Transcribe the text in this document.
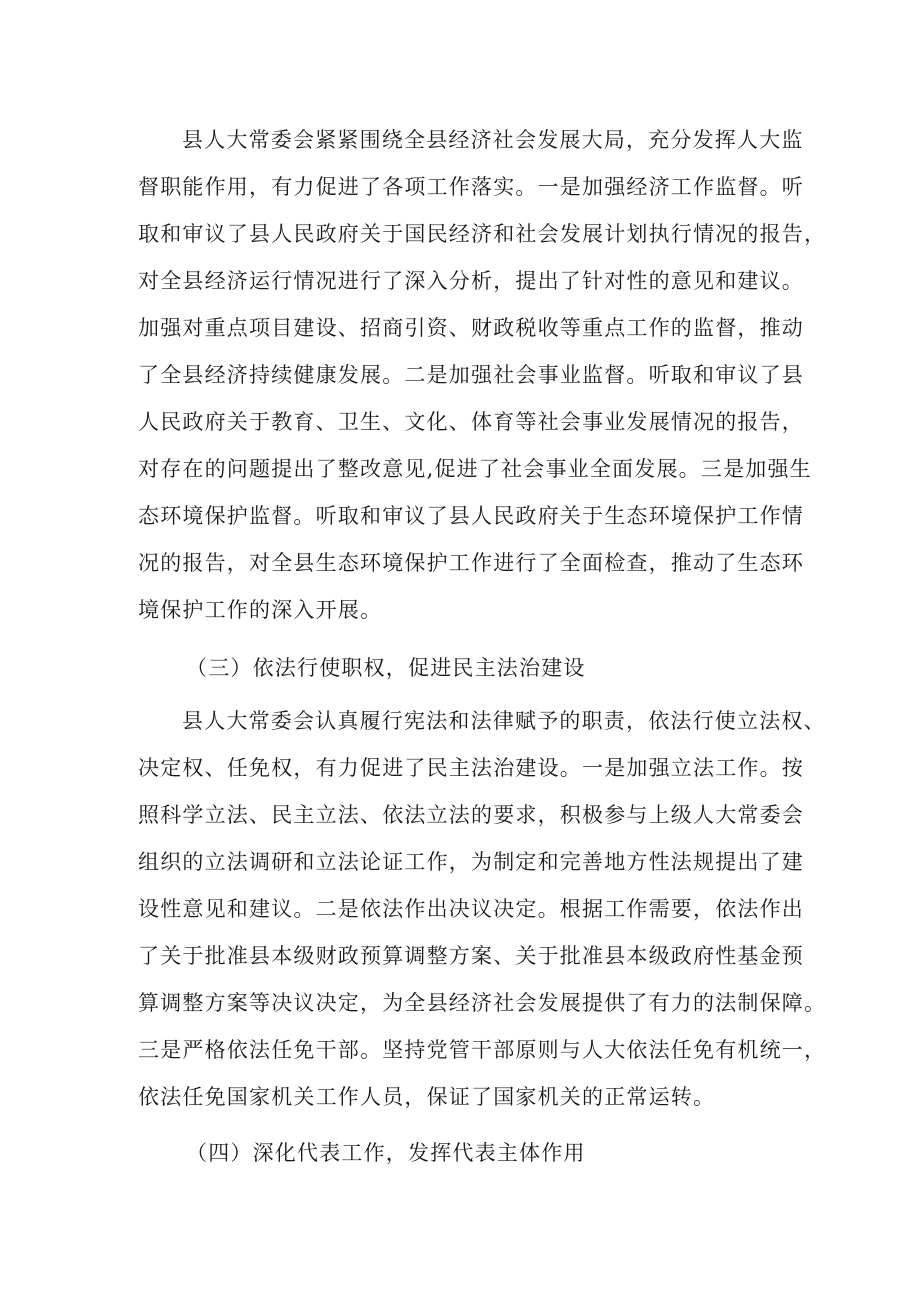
县人大常委会紧紧围绕全县经济社会发展大局，充分发挥人大监
督职能作用，有力促进了各项工作落实。一是加强经济工作监督。听
取和审议了县人民政府关于国民经济和社会发展计划执行情况的报告，
对全县经济运行情况进行了深入分析，提出了针对性的意见和建议。
加强对重点项目建设、招商引资、财政税收等重点工作的监督，推动
了全县经济持续健康发展。二是加强社会事业监督。听取和审议了县
人民政府关于教育、卫生、文化、体育等社会事业发展情况的报告，
对存在的问题提出了整改意见,促进了社会事业全面发展。三是加强生
态环境保护监督。听取和审议了县人民政府关于生态环境保护工作情
况的报告，对全县生态环境保护工作进行了全面检查，推动了生态环
境保护工作的深入开展。
（三）依法行使职权，促进民主法治建设
县人大常委会认真履行宪法和法律赋予的职责，依法行使立法权、
决定权、任免权，有力促进了民主法治建设。一是加强立法工作。按
照科学立法、民主立法、依法立法的要求，积极参与上级人大常委会
组织的立法调研和立法论证工作，为制定和完善地方性法规提出了建
设性意见和建议。二是依法作出决议决定。根据工作需要，依法作出
了关于批准县本级财政预算调整方案、关于批准县本级政府性基金预
算调整方案等决议决定，为全县经济社会发展提供了有力的法制保障。
三是严格依法任免干部。坚持党管干部原则与人大依法任免有机统一，
依法任免国家机关工作人员，保证了国家机关的正常运转。
（四）深化代表工作，发挥代表主体作用
